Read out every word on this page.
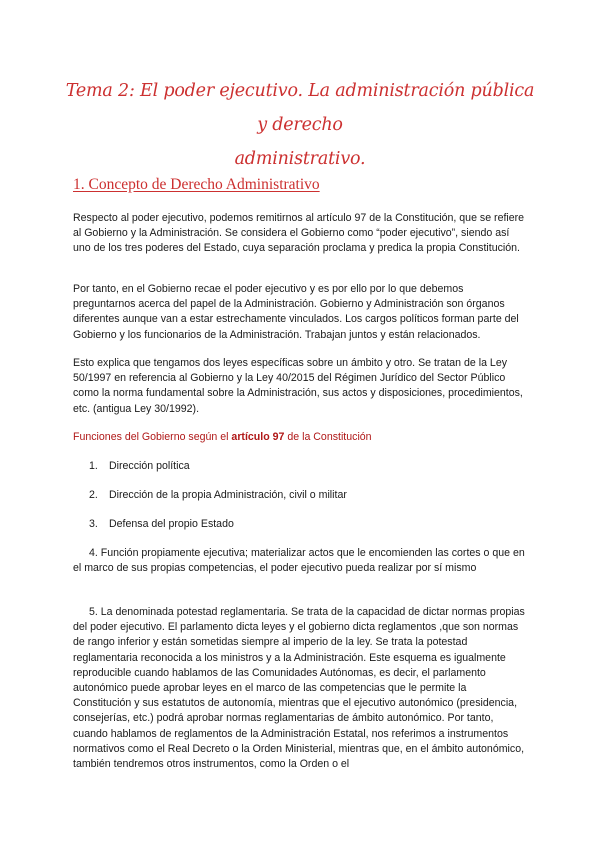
Tema 2: El poder ejecutivo. La administración pública y derecho
administrativo.
1. Concepto de Derecho Administrativo

Respecto al poder ejecutivo, podemos remitirnos al artículo 97 de la Constitución, que se refiere al Gobierno y la Administración. Se considera el Gobierno como “poder ejecutivo”, siendo así uno de los tres poderes del Estado, cuya separación proclama y predica la propia Constitución.

Por tanto, en el Gobierno recae el poder ejecutivo y es por ello por lo que debemos preguntarnos acerca del papel de la Administración. Gobierno y Administración son órganos diferentes aunque van a estar estrechamente vinculados. Los cargos políticos forman parte del Gobierno y los funcionarios de la Administración. Trabajan juntos y están relacionados.

Esto explica que tengamos dos leyes específicas sobre un ámbito y otro. Se tratan de la Ley 50/1997 en referencia al Gobierno y la Ley 40/2015 del Régimen Jurídico del Sector Público como la norma fundamental sobre la Administración, sus actos y disposiciones, procedimientos, etc. (antigua Ley 30/1992).

Funciones del Gobierno según el artículo 97 de la Constitución
1. Dirección política
2. Dirección de la propia Administración, civil o militar
3. Defensa del propio Estado

4. Función propiamente ejecutiva; materializar actos que le encomienden las cortes o que en el marco de sus propias competencias, el poder ejecutivo pueda realizar por sí mismo

5. La denominada potestad reglamentaria. Se trata de la capacidad de dictar normas propias del poder ejecutivo. El parlamento dicta leyes y el gobierno dicta reglamentos ,que son normas de rango inferior y están sometidas siempre al imperio de la ley. Se trata la potestad reglamentaria reconocida a los ministros y a la Administración. Este esquema es igualmente reproducible cuando hablamos de las Comunidades Autónomas, es decir, el parlamento autonómico puede aprobar leyes en el marco de las competencias que le permite la Constitución y sus estatutos de autonomía, mientras que el ejecutivo autonómico (presidencia, consejerías, etc.) podrá aprobar normas reglamentarias de ámbito autonómico. Por tanto, cuando hablamos de reglamentos de la Administración Estatal, nos referimos a instrumentos normativos como el Real Decreto o la Orden Ministerial, mientras que, en el ámbito autonómico, también tendremos otros instrumentos, como la Orden o el
